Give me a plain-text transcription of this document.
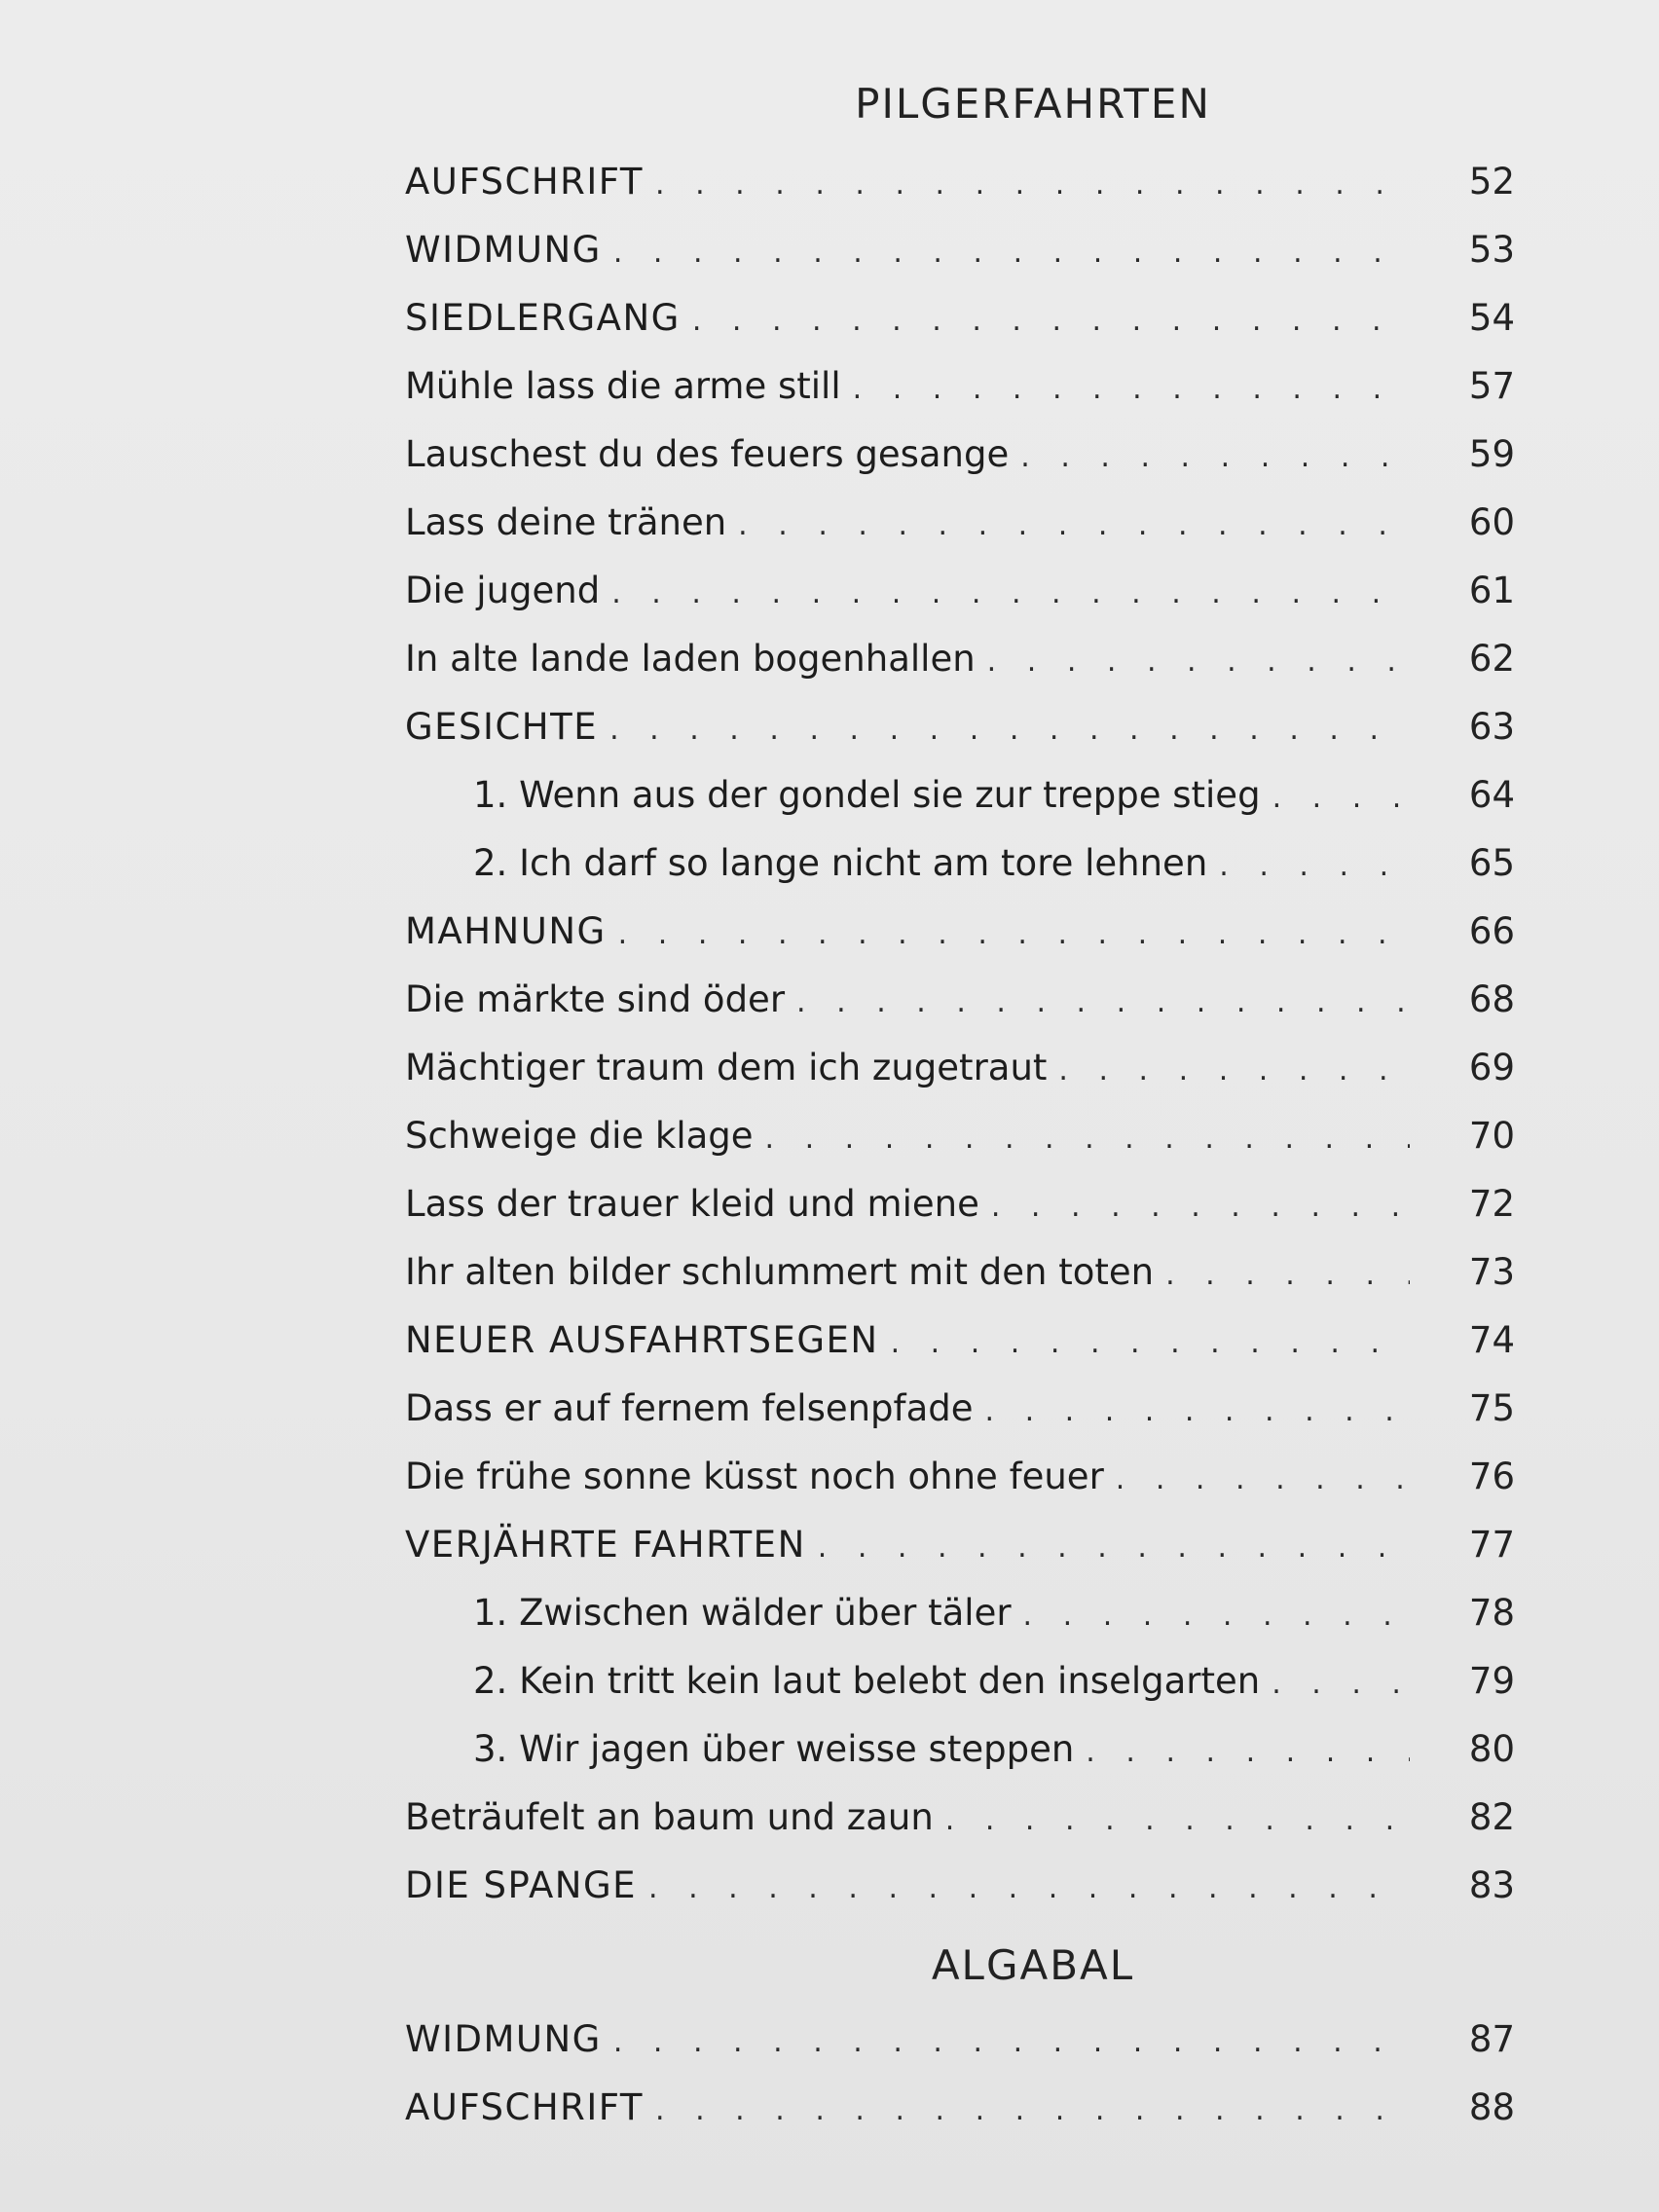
PILGERFAHRTEN
AUFSCHRIFT . . .	52
WIDMUNG . . .	53
SIEDLERGANG . . .	54
Mühle lass die arme still . . .	57
Lauschest du des feuers gesange . . .	59
Lass deine tränen . . .	60
Die jugend . . .	61
In alte lande laden bogenhallen . . .	62
GESICHTE . . .	63
1. Wenn aus der gondel sie zur treppe stieg . . .	64
2. Ich darf so lange nicht am tore lehnen . . .	65
MAHNUNG . . .	66
Die märkte sind öder . . .	68
Mächtiger traum dem ich zugetraut . . .	69
Schweige die klage . . .	70
Lass der trauer kleid und miene . . .	72
Ihr alten bilder schlummert mit den toten . . .	73
NEUER AUSFAHRTSEGEN . . .	74
Dass er auf fernem felsenpfade . . .	75
Die frühe sonne küsst noch ohne feuer . . .	76
VERJÄHRTE FAHRTEN . . .	77
1. Zwischen wälder über täler . . .	78
2. Kein tritt kein laut belebt den inselgarten . . .	79
3. Wir jagen über weisse steppen . . .	80
Beträufelt an baum und zaun . . .	82
DIE SPANGE . . .	83
ALGABAL
WIDMUNG . . .	87
AUFSCHRIFT . . .	88
